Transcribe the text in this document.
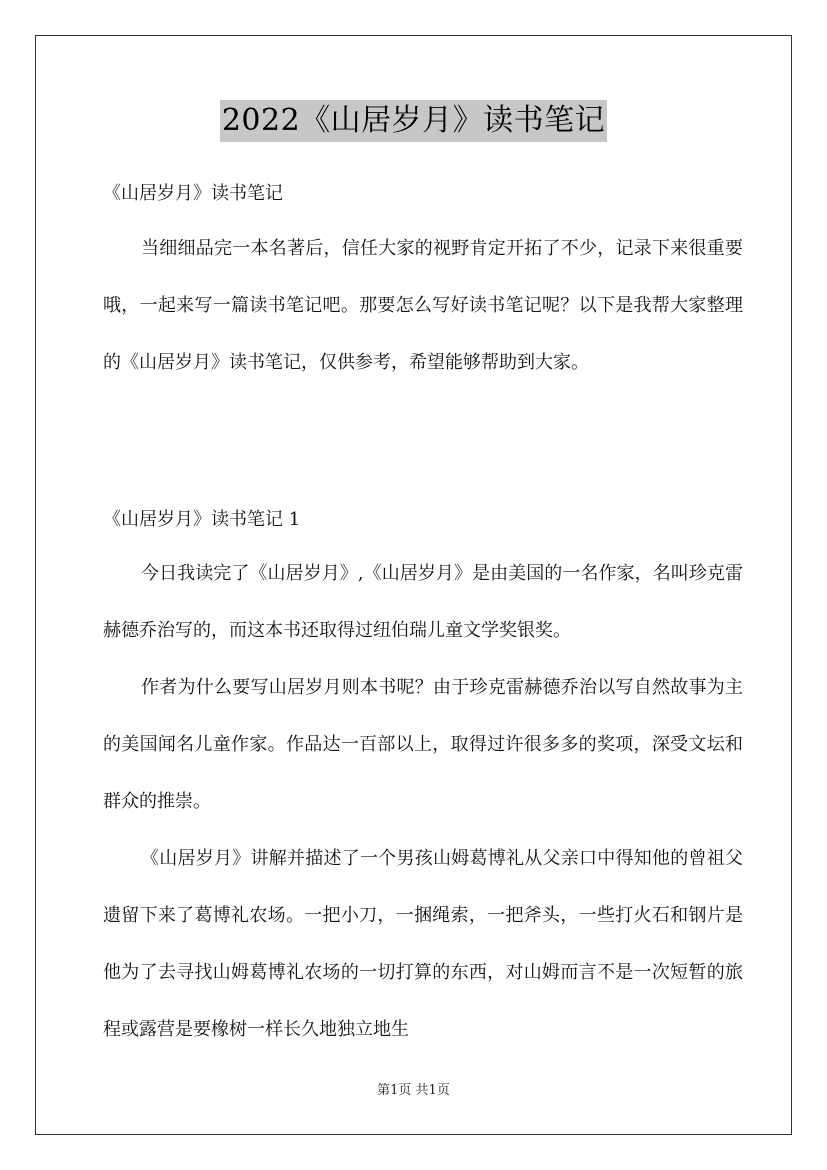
2022《山居岁月》读书笔记
《山居岁月》读书笔记

当细细品完一本名著后，信任大家的视野肯定开拓了不少，记录下来很重要哦，一起来写一篇读书笔记吧。那要怎么写好读书笔记呢？以下是我帮大家整理的《山居岁月》读书笔记，仅供参考，希望能够帮助到大家。

《山居岁月》读书笔记 1

今日我读完了《山居岁月》,《山居岁月》是由美国的一名作家，名叫珍克雷赫德乔治写的，而这本书还取得过纽伯瑞儿童文学奖银奖。

作者为什么要写山居岁月则本书呢？由于珍克雷赫德乔治以写自然故事为主的美国闻名儿童作家。作品达一百部以上，取得过许很多多的奖项，深受文坛和群众的推崇。

《山居岁月》讲解并描述了一个男孩山姆葛博礼从父亲口中得知他的曾祖父遗留下来了葛博礼农场。一把小刀，一捆绳索，一把斧头，一些打火石和钢片是他为了去寻找山姆葛博礼农场的一切打算的东西，对山姆而言不是一次短暂的旅程或露营是要橡树一样长久地独立地生

第1页 共1页
